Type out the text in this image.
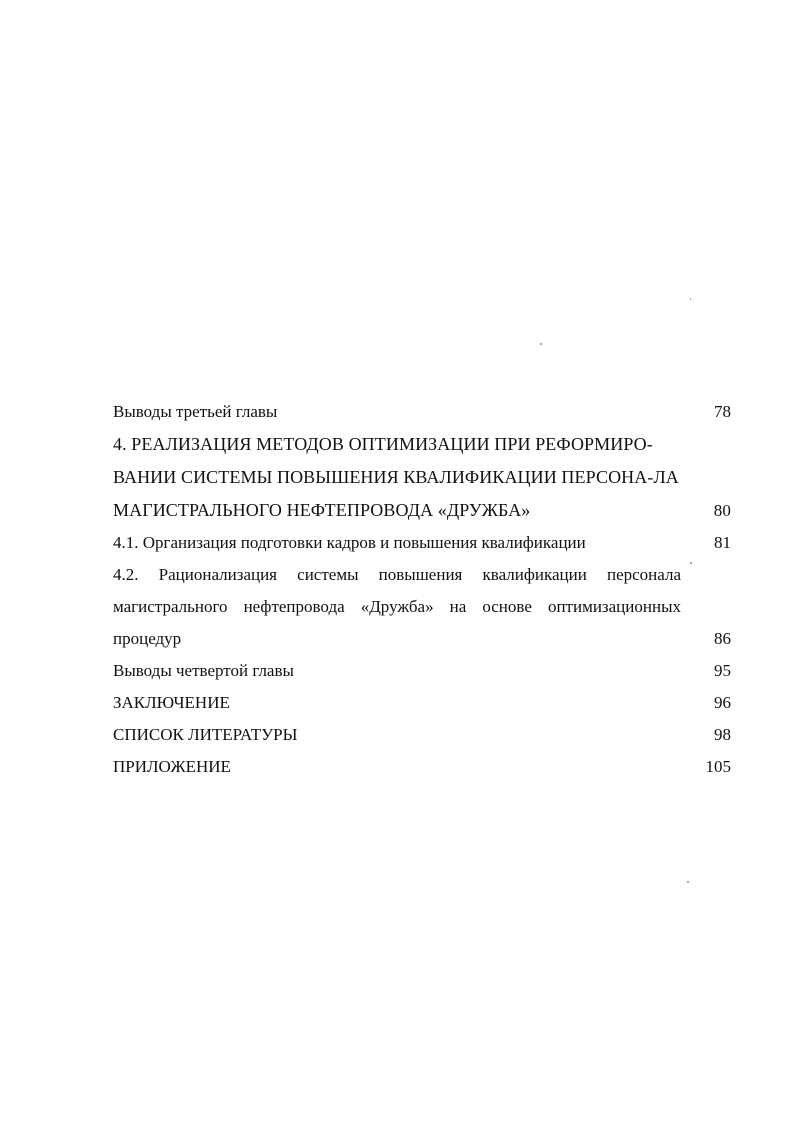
Выводы третьей главы	78
4. РЕАЛИЗАЦИЯ МЕТОДОВ ОПТИМИЗАЦИИ ПРИ РЕФОРМИРО-ВАНИИ СИСТЕМЫ ПОВЫШЕНИЯ КВАЛИФИКАЦИИ ПЕРСОНА-ЛА МАГИСТРАЛЬНОГО НЕФТЕПРОВОДА «ДРУЖБА»	80
4.1. Организация подготовки кадров и повышения квалификации	81
4.2. Рационализация системы повышения квалификации персонала магистрального нефтепровода «Дружба» на основе оптимизационных процедур	86
Выводы четвертой главы	95
ЗАКЛЮЧЕНИЕ	96
СПИСОК ЛИТЕРАТУРЫ	98
ПРИЛОЖЕНИЕ	105
